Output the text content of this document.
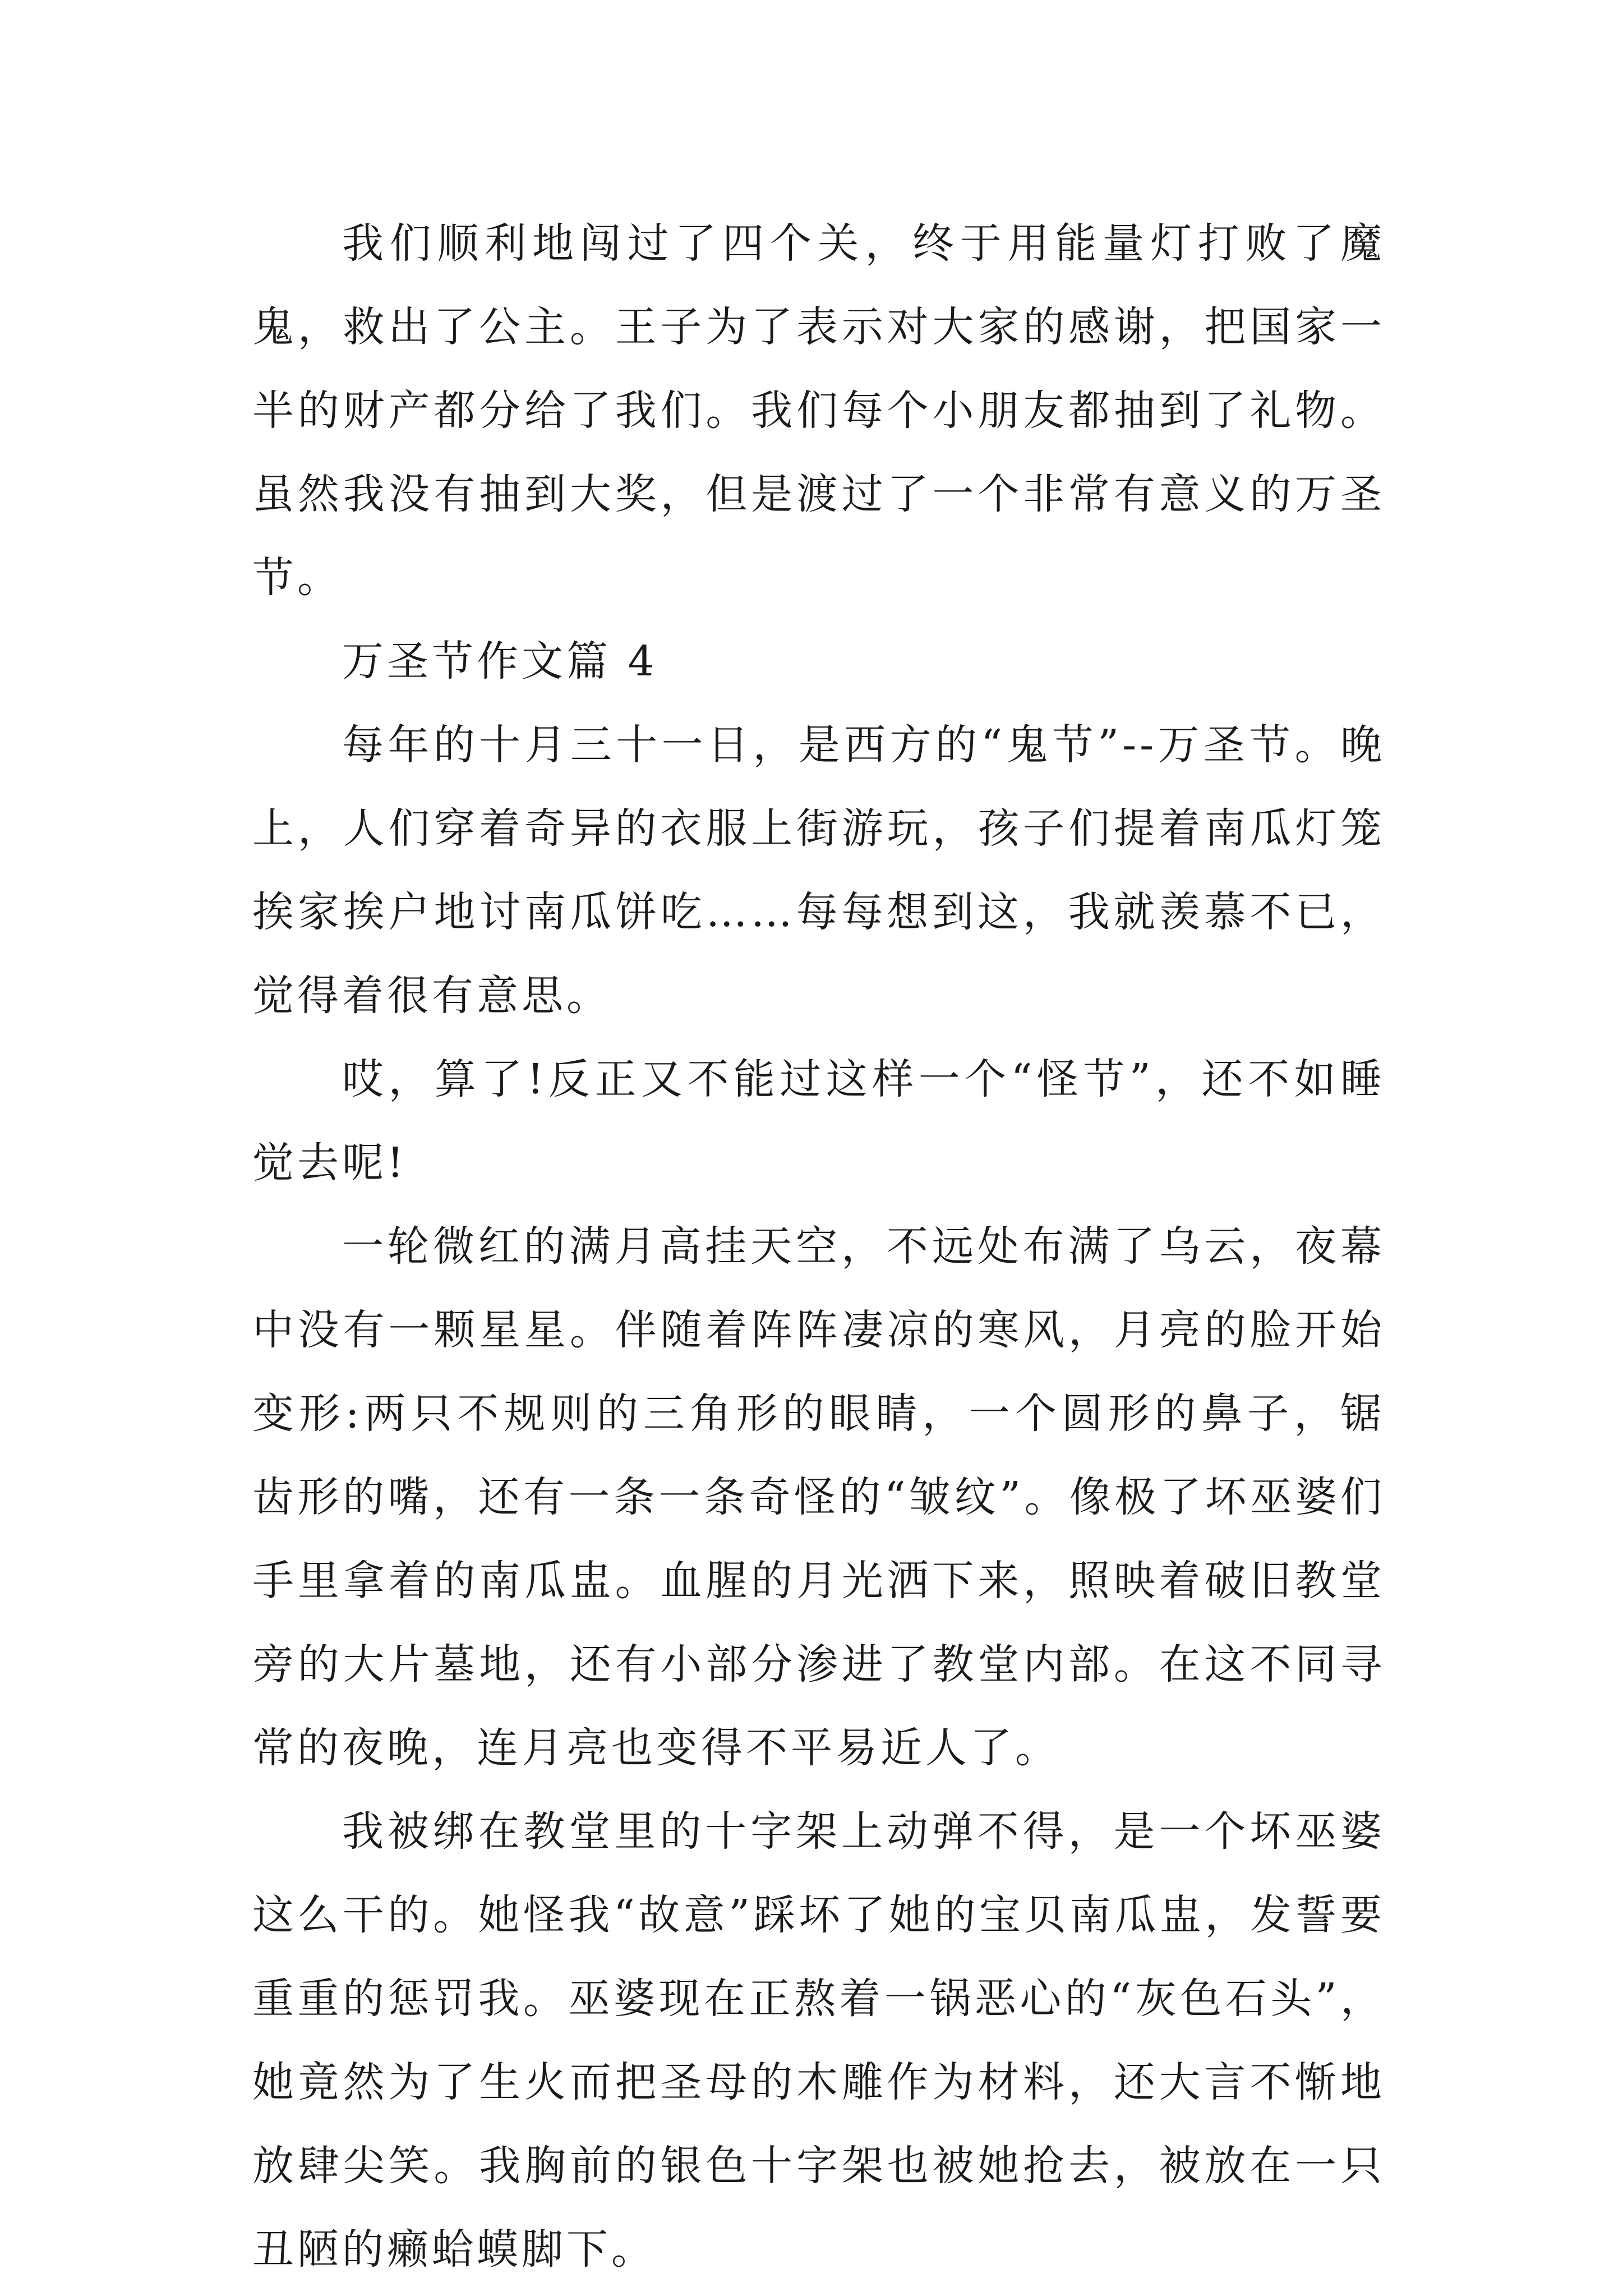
我们顺利地闯过了四个关，终于用能量灯打败了魔鬼，救出了公主。王子为了表示对大家的感谢，把国家一半的财产都分给了我们。我们每个小朋友都抽到了礼物。虽然我没有抽到大奖，但是渡过了一个非常有意义的万圣节。

万圣节作文篇 4

每年的十月三十一日，是西方的“鬼节”--万圣节。晚上，人们穿着奇异的衣服上街游玩，孩子们提着南瓜灯笼挨家挨户地讨南瓜饼吃……每每想到这，我就羡慕不已，觉得着很有意思。

哎，算了!反正又不能过这样一个“怪节”，还不如睡觉去呢!

一轮微红的满月高挂天空，不远处布满了乌云，夜幕中没有一颗星星。伴随着阵阵凄凉的寒风，月亮的脸开始变形:两只不规则的三角形的眼睛，一个圆形的鼻子，锯齿形的嘴，还有一条一条奇怪的“皱纹”。像极了坏巫婆们手里拿着的南瓜盅。血腥的月光洒下来，照映着破旧教堂旁的大片墓地，还有小部分渗进了教堂内部。在这不同寻常的夜晚，连月亮也变得不平易近人了。

我被绑在教堂里的十字架上动弹不得，是一个坏巫婆这么干的。她怪我“故意”踩坏了她的宝贝南瓜盅，发誓要重重的惩罚我。巫婆现在正熬着一锅恶心的“灰色石头”，她竟然为了生火而把圣母的木雕作为材料，还大言不惭地放肆尖笑。我胸前的银色十字架也被她抢去，被放在一只丑陋的癞蛤蟆脚下。
